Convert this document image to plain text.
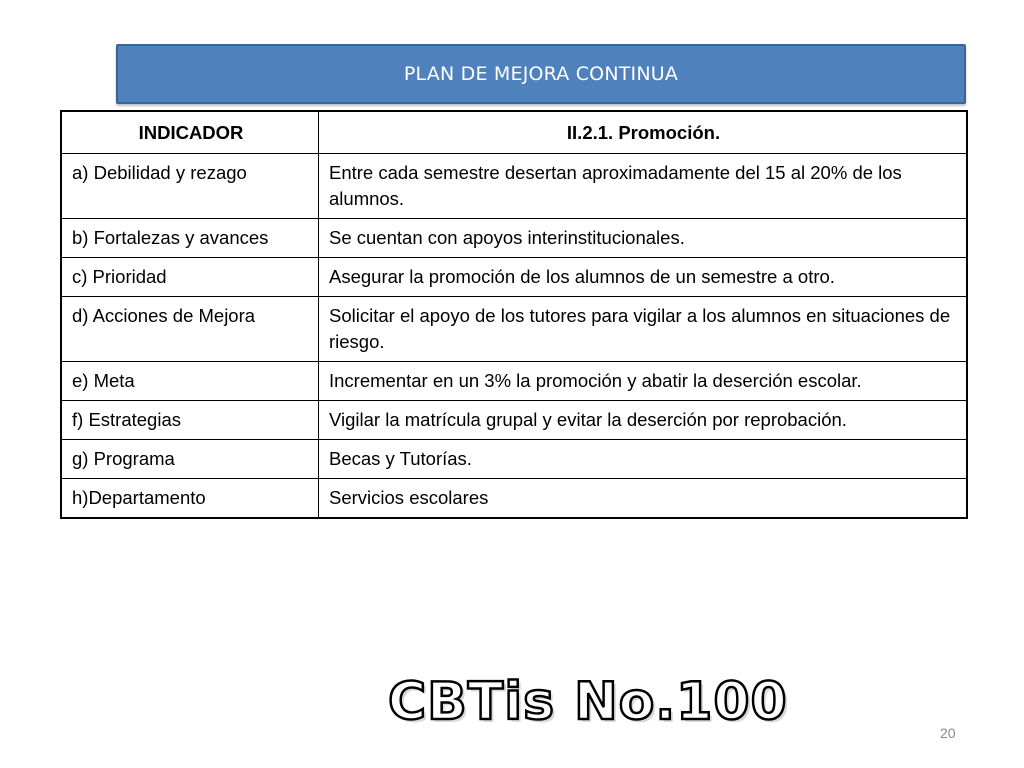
PLAN DE MEJORA CONTINUA
INDICADOR	II.2.1. Promoción.
a) Debilidad y rezago	Entre cada semestre desertan aproximadamente del 15 al 20% de los alumnos.
b) Fortalezas y avances	Se cuentan con apoyos interinstitucionales.
c) Prioridad	Asegurar la promoción de los alumnos de un semestre a otro.
d) Acciones de Mejora	Solicitar el apoyo de los tutores para vigilar a los alumnos en situaciones de riesgo.
e) Meta	Incrementar en un 3% la promoción y abatir la deserción escolar.
f) Estrategias	Vigilar la matrícula grupal y evitar la deserción por reprobación.
g) Programa	Becas y Tutorías.
h)Departamento	Servicios escolares
CBTis No.100
20
